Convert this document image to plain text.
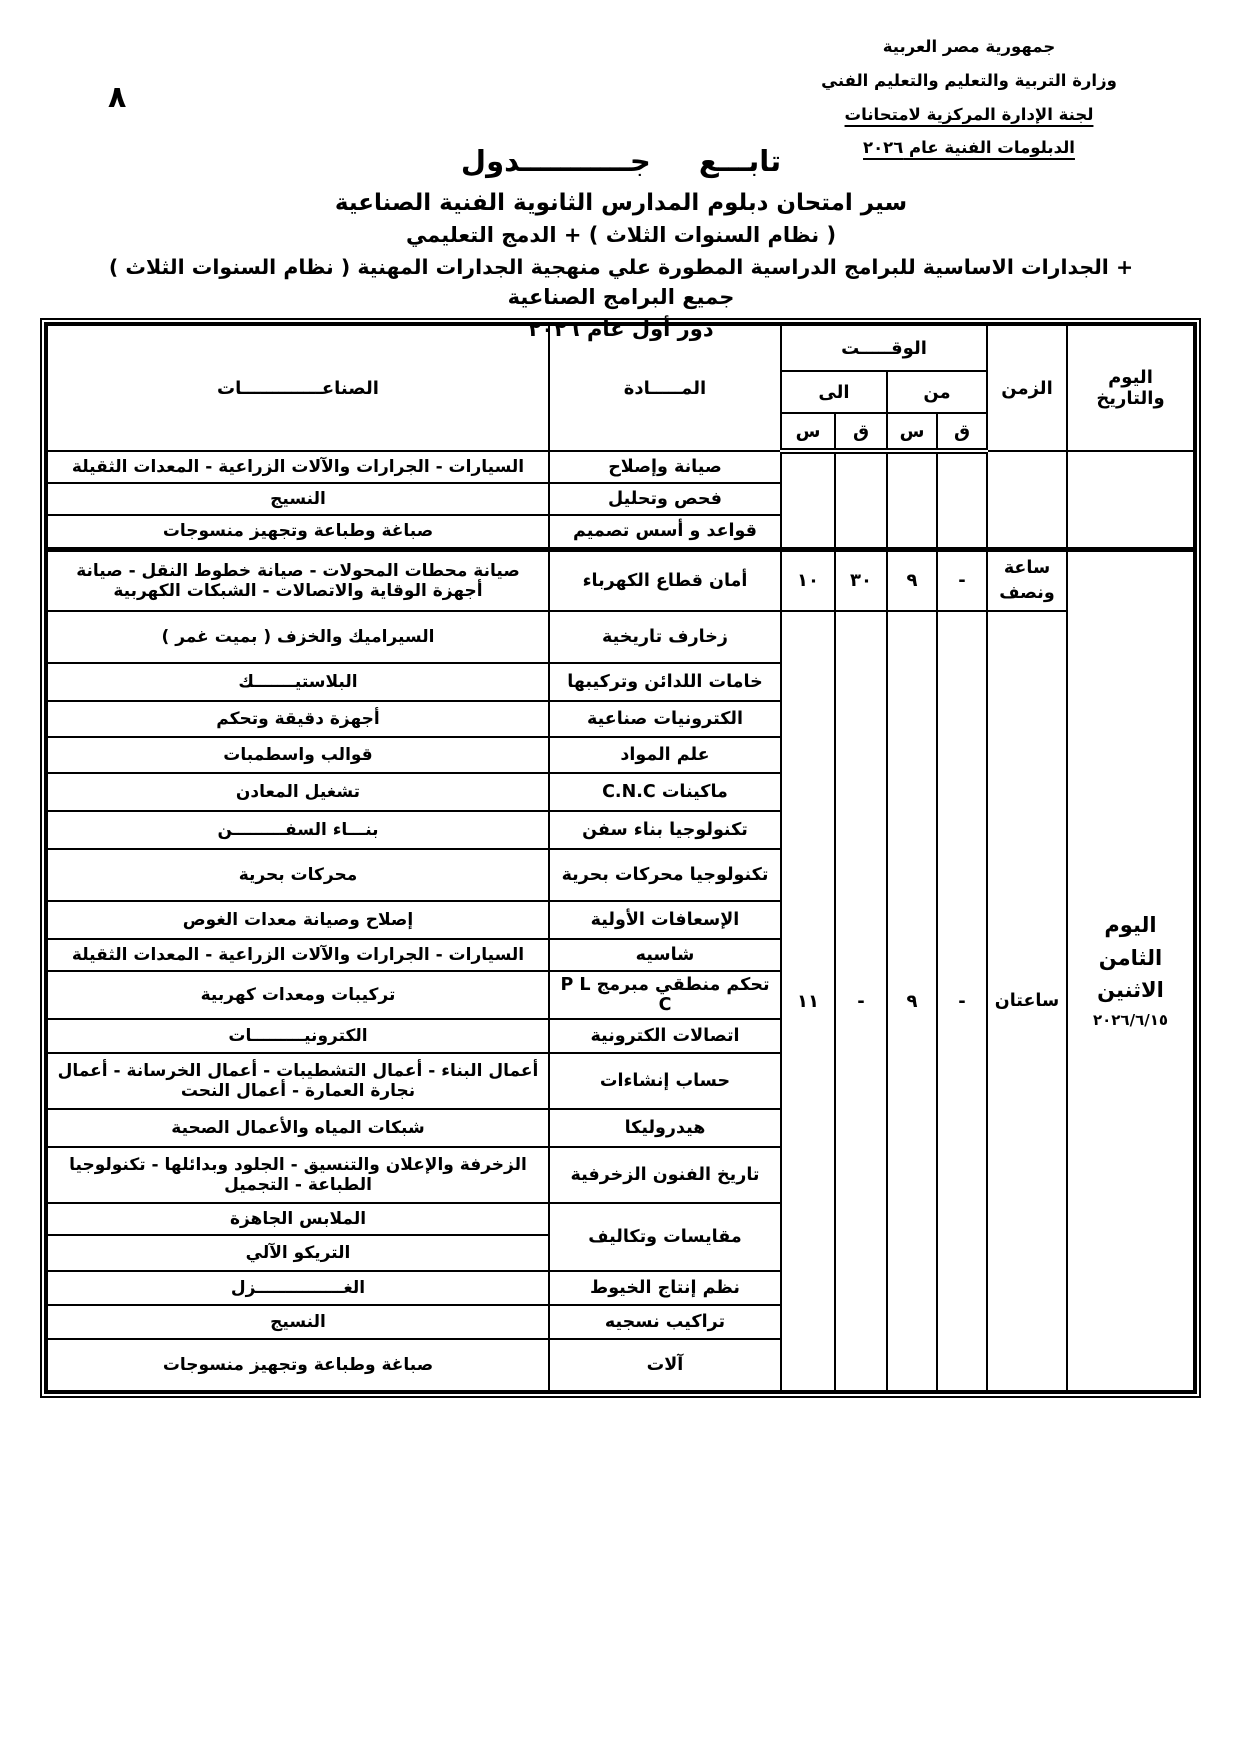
٨
جمهورية مصر العربية
وزارة التربية والتعليم والتعليم الفني
لجنة الإدارة المركزية لامتحانات
الدبلومات الفنية عام ٢٠٢٦
تابـــع جـــــــــــدول
سير امتحان دبلوم المدارس الثانوية الفنية الصناعية
( نظام السنوات الثلاث ) + الدمج التعليمي
+ الجدارات الاساسية للبرامج الدراسية المطورة علي منهجية الجدارات المهنية ( نظام السنوات الثلاث )
جميع البرامج الصناعية
دور أول عام ٢٠٢٦
اليوم والتاريخ	الزمن	الوقـــــت				المـــــادة	الصناعـــــــــــــات
		من		الى			
		ق	س	ق	س		
						صيانة وإصلاح	السيارات - الجرارات والآلات الزراعية - المعدات الثقيلة
						فحص وتحليل	النسيج
						قواعد و أسس تصميم	صباغة وطباعة وتجهيز منسوجات
اليوم
الثامن
الاثنين
٢٠٢٦/٦/١٥	ساعة ونصف	-	٩	٣٠	١٠	أمان قطاع الكهرباء	صيانة محطات المحولات - صيانة خطوط النقل - صيانة أجهزة الوقاية والاتصالات - الشبكات الكهربية
	ساعتان	-	٩	-	١١	زخارف تاريخية	السيراميك والخزف ( بميت غمر )
						خامات اللدائن وتركيبها	البلاستيـــــــك
						الكترونيات صناعية	أجهزة دقيقة وتحكم
						علم المواد	قوالب واسطمبات
						ماكينات C.N.C	تشغيل المعادن
						تكنولوجيا بناء سفن	بنـــاء السفـــــــــن
						تكنولوجيا محركات بحرية	محركات بحرية
						الإسعافات الأولية	إصلاح وصيانة معدات الغوص
						شاسيه	السيارات - الجرارات والآلات الزراعية - المعدات الثقيلة
						تحكم منطقي مبرمج P L C	تركيبات ومعدات كهربية
						اتصالات الكترونية	الكترونيـــــــــات
						حساب إنشاءات	أعمال البناء - أعمال التشطيبات - أعمال الخرسانة - أعمال نجارة العمارة - أعمال النحت
						هيدروليكا	شبكات المياه والأعمال الصحية
						تاريخ الفنون الزخرفية	الزخرفة والإعلان والتنسيق - الجلود وبدائلها - تكنولوجيا الطباعة - التجميل
						مقايسات وتكاليف	الملابس الجاهزة
							التريكو الآلي
						نظم إنتاج الخيوط	الغـــــــــــــــزل
						تراكيب نسجيه	النسيج
						آلات	صباغة وطباعة وتجهيز منسوجات
